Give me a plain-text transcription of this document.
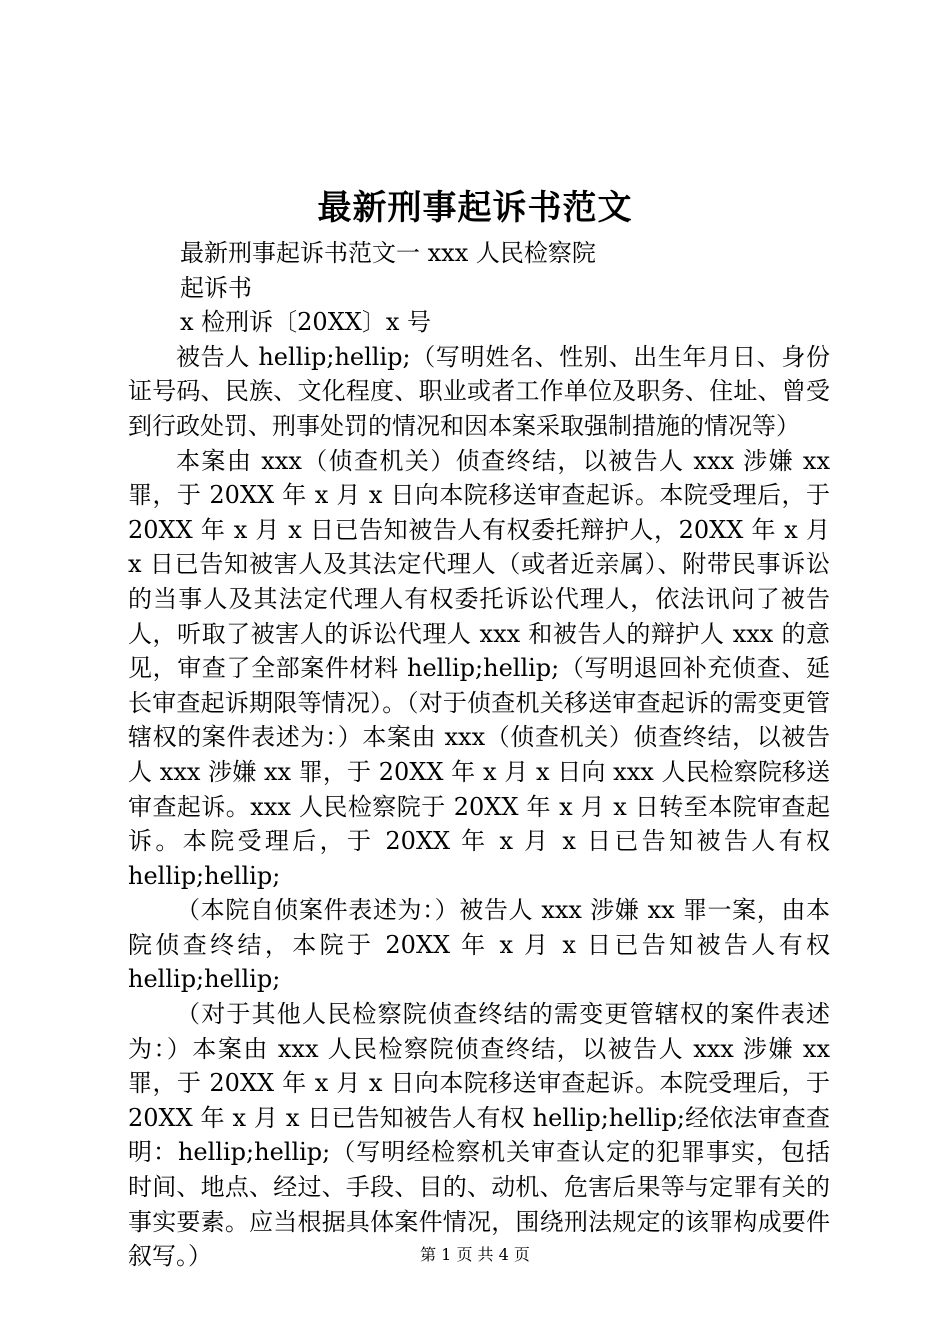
最新刑事起诉书范文

最新刑事起诉书范文一 xxx 人民检察院

起诉书

x 检刑诉〔20XX〕x 号

被告人 hellip;hellip;（写明姓名、性别、出生年月日、身份证号码、民族、文化程度、职业或者工作单位及职务、住址、曾受到行政处罚、刑事处罚的情况和因本案采取强制措施的情况等）

本案由 xxx（侦查机关）侦查终结，以被告人 xxx 涉嫌 xx 罪，于 20XX 年 x 月 x 日向本院移送审查起诉。本院受理后，于 20XX 年 x 月 x 日已告知被告人有权委托辩护人，20XX 年 x 月 x 日已告知被害人及其法定代理人（或者近亲属）、附带民事诉讼的当事人及其法定代理人有权委托诉讼代理人，依法讯问了被告人，听取了被害人的诉讼代理人 xxx 和被告人的辩护人 xxx 的意见，审查了全部案件材料 hellip;hellip;（写明退回补充侦查、延长审查起诉期限等情况）。（对于侦查机关移送审查起诉的需变更管辖权的案件表述为：）本案由 xxx（侦查机关）侦查终结，以被告人 xxx 涉嫌 xx 罪，于 20XX 年 x 月 x 日向 xxx 人民检察院移送审查起诉。xxx 人民检察院于 20XX 年 x 月 x 日转至本院审查起诉。本院受理后，于 20XX 年 x 月 x 日已告知被告人有权 hellip;hellip;

（本院自侦案件表述为：）被告人 xxx 涉嫌 xx 罪一案，由本院侦查终结，本院于 20XX 年 x 月 x 日已告知被告人有权 hellip;hellip;

（对于其他人民检察院侦查终结的需变更管辖权的案件表述为：）本案由 xxx 人民检察院侦查终结，以被告人 xxx 涉嫌 xx 罪，于 20XX 年 x 月 x 日向本院移送审查起诉。本院受理后，于 20XX 年 x 月 x 日已告知被告人有权 hellip;hellip;经依法审查查明：hellip;hellip;（写明经检察机关审查认定的犯罪事实，包括时间、地点、经过、手段、目的、动机、危害后果等与定罪有关的事实要素。应当根据具体案件情况，围绕刑法规定的该罪构成要件叙写。）	第 1 页 共 4 页
